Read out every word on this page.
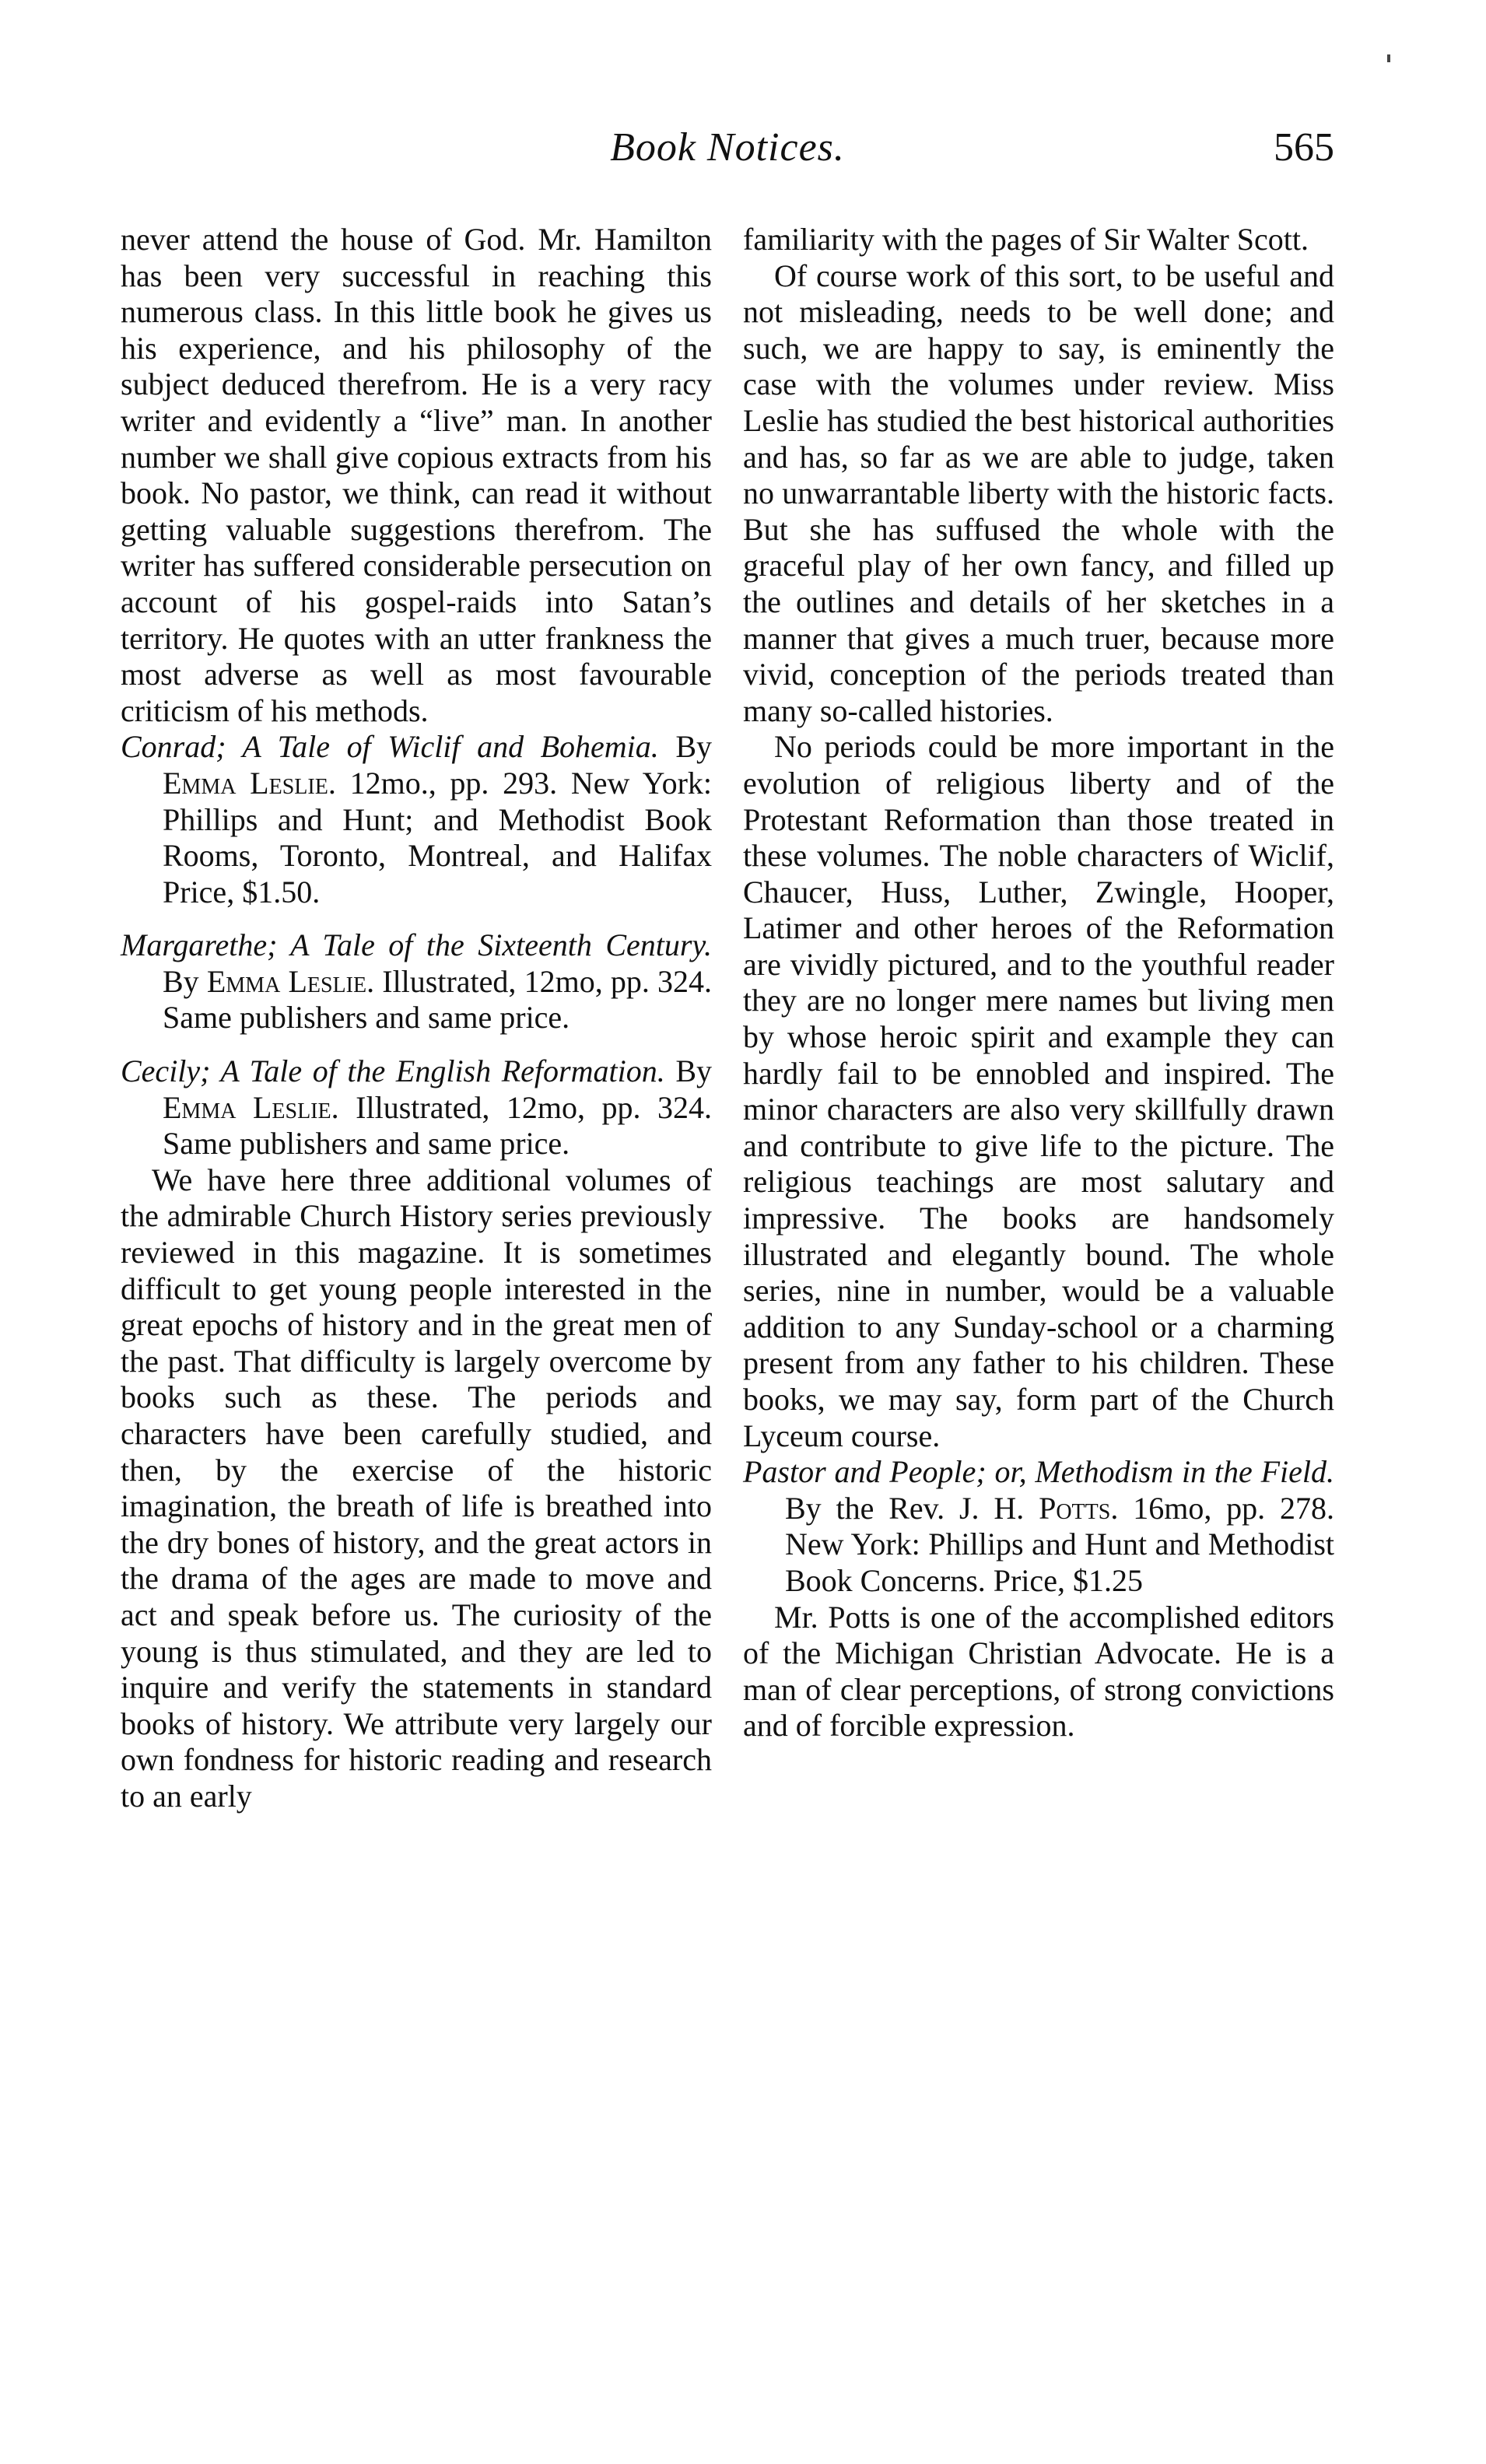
Book Notices.	565

never attend the house of God. Mr. Hamilton has been very successful in reaching this numerous class. In this little book he gives us his experience, and his philosophy of the subject deduced therefrom. He is a very racy writer and evidently a “live” man. In another number we shall give copious extracts from his book. No pastor, we think, can read it without getting valuable suggestions therefrom. The writer has suffered considerable persecution on account of his gospel-raids into Satan’s territory. He quotes with an utter frankness the most adverse as well as most favourable criticism of his methods.

Conrad; A Tale of Wiclif and Bohemia. By Emma Leslie. 12mo., pp. 293. New York: Phillips and Hunt; and Methodist Book Rooms, Toronto, Montreal, and Halifax Price, $1.50.

Margarethe; A Tale of the Sixteenth Century. By Emma Leslie. Illustrated, 12mo, pp. 324. Same publishers and same price.

Cecily; A Tale of the English Reformation. By Emma Leslie. Illustrated, 12mo, pp. 324. Same publishers and same price.

We have here three additional volumes of the admirable Church History series previously reviewed in this magazine. It is sometimes difficult to get young people interested in the great epochs of history and in the great men of the past. That difficulty is largely overcome by books such as these. The periods and characters have been carefully studied, and then, by the exercise of the historic imagination, the breath of life is breathed into the dry bones of history, and the great actors in the drama of the ages are made to move and act and speak before us. The curiosity of the young is thus stimulated, and they are led to inquire and verify the statements in standard books of history. We attribute very largely our own fondness for historic reading and research to an early

familiarity with the pages of Sir Walter Scott.

Of course work of this sort, to be useful and not misleading, needs to be well done; and such, we are happy to say, is eminently the case with the volumes under review. Miss Leslie has studied the best historical authorities and has, so far as we are able to judge, taken no unwarrantable liberty with the historic facts. But she has suffused the whole with the graceful play of her own fancy, and filled up the outlines and details of her sketches in a manner that gives a much truer, because more vivid, conception of the periods treated than many so-called histories.

No periods could be more important in the evolution of religious liberty and of the Protestant Reformation than those treated in these volumes. The noble characters of Wiclif, Chaucer, Huss, Luther, Zwingle, Hooper, Latimer and other heroes of the Reformation are vividly pictured, and to the youthful reader they are no longer mere names but living men by whose heroic spirit and example they can hardly fail to be ennobled and inspired. The minor characters are also very skillfully drawn and contribute to give life to the picture. The religious teachings are most salutary and impressive. The books are handsomely illustrated and elegantly bound. The whole series, nine in number, would be a valuable addition to any Sunday-school or a charming present from any father to his children. These books, we may say, form part of the Church Lyceum course.

Pastor and People; or, Methodism in the Field. By the Rev. J. H. Potts. 16mo, pp. 278. New York: Phillips and Hunt and Methodist Book Concerns. Price, $1.25

Mr. Potts is one of the accomplished editors of the Michigan Christian Advocate. He is a man of clear perceptions, of strong convictions and of forcible expression.
